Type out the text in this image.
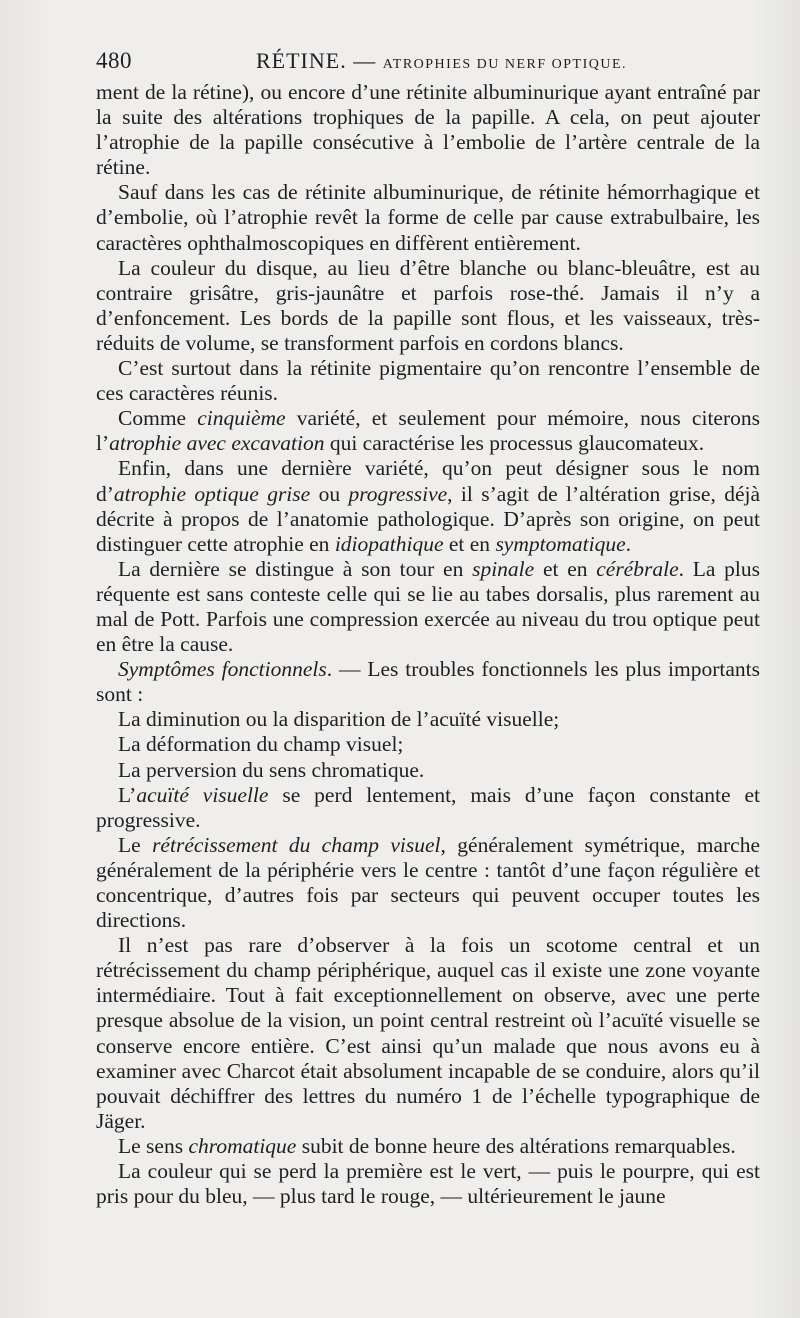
480	RÉTINE. — ATROPHIES DU NERF OPTIQUE.

ment de la rétine), ou encore d’une rétinite albuminurique ayant entraîné par la suite des altérations trophiques de la papille. A cela, on peut ajouter l’atrophie de la papille consécutive à l’embolie de l’artère centrale de la rétine.

Sauf dans les cas de rétinite albuminurique, de rétinite hémorrhagique et d’embolie, où l’atrophie revêt la forme de celle par cause extrabulbaire, les caractères ophthalmoscopiques en diffèrent entièrement.

La couleur du disque, au lieu d’être blanche ou blanc-bleuâtre, est au contraire grisâtre, gris-jaunâtre et parfois rose-thé. Jamais il n’y a d’enfoncement. Les bords de la papille sont flous, et les vaisseaux, très-réduits de volume, se transforment parfois en cordons blancs.

C’est surtout dans la rétinite pigmentaire qu’on rencontre l’ensemble de ces caractères réunis.

Comme cinquième variété, et seulement pour mémoire, nous citerons l’atrophie avec excavation qui caractérise les processus glaucomateux.

Enfin, dans une dernière variété, qu’on peut désigner sous le nom d’atrophie optique grise ou progressive, il s’agit de l’altération grise, déjà décrite à propos de l’anatomie pathologique. D’après son origine, on peut distinguer cette atrophie en idiopathique et en symptomatique.

La dernière se distingue à son tour en spinale et en cérébrale. La plus réquente est sans conteste celle qui se lie au tabes dorsalis, plus rarement au mal de Pott. Parfois une compression exercée au niveau du trou optique peut en être la cause.

Symptômes fonctionnels. — Les troubles fonctionnels les plus importants sont :

La diminution ou la disparition de l’acuïté visuelle;

La déformation du champ visuel;

La perversion du sens chromatique.

L’acuïté visuelle se perd lentement, mais d’une façon constante et progressive.

Le rétrécissement du champ visuel, généralement symétrique, marche généralement de la périphérie vers le centre : tantôt d’une façon régulière et concentrique, d’autres fois par secteurs qui peuvent occuper toutes les directions.

Il n’est pas rare d’observer à la fois un scotome central et un rétrécissement du champ périphérique, auquel cas il existe une zone voyante intermédiaire. Tout à fait exceptionnellement on observe, avec une perte presque absolue de la vision, un point central restreint où l’acuïté visuelle se conserve encore entière. C’est ainsi qu’un malade que nous avons eu à examiner avec Charcot était absolument incapable de se conduire, alors qu’il pouvait déchiffrer des lettres du numéro 1 de l’échelle typographique de Jäger.

Le sens chromatique subit de bonne heure des altérations remarquables.

La couleur qui se perd la première est le vert, — puis le pourpre, qui est pris pour du bleu, — plus tard le rouge, — ultérieurement le jaune
